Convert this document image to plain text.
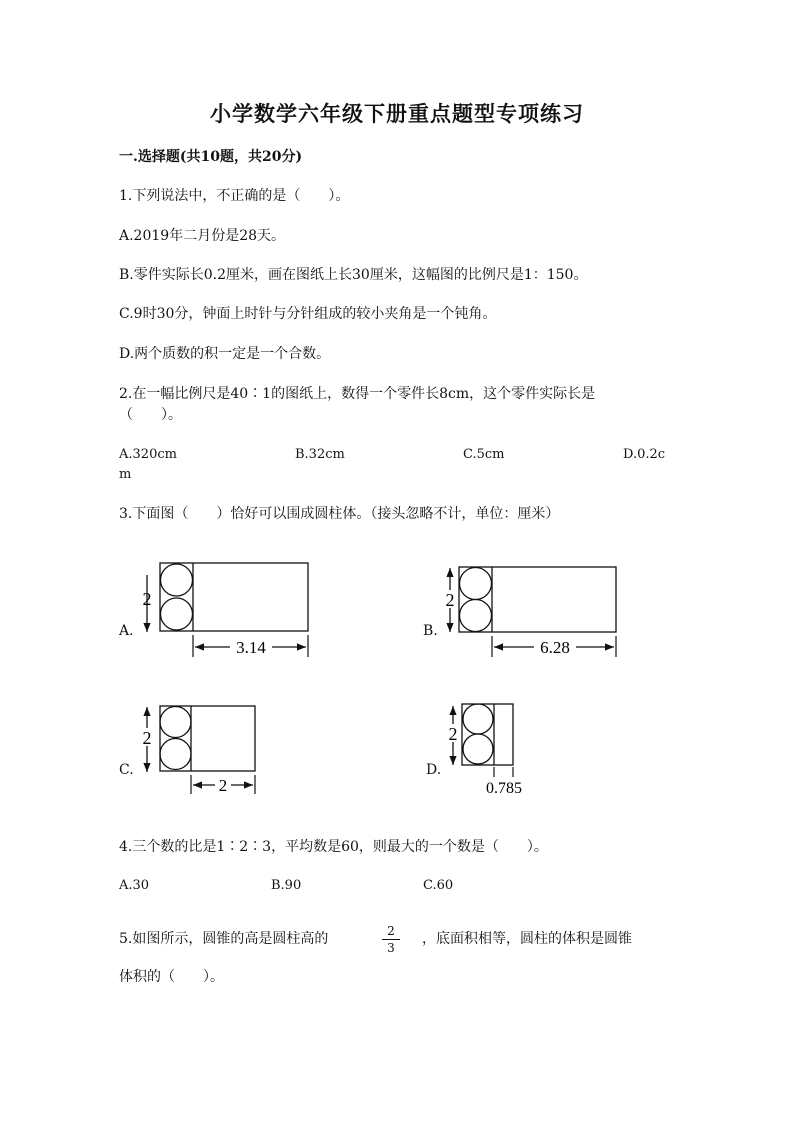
小学数学六年级下册重点题型专项练习
一.选择题(共10题，共20分)
1.下列说法中，不正确的是（　　）。
A.2019年二月份是28天。
B.零件实际长0.2厘米，画在图纸上长30厘米，这幅图的比例尺是1：150。
C.9时30分，钟面上时针与分针组成的较小夹角是一个钝角。
D.两个质数的积一定是一个合数。
2.在一幅比例尺是40∶1的图纸上，数得一个零件长8cm，这个零件实际长是
（　　）。
A.320cm	B.32cm	C.5cm	D.0.2c
m
3.下面图（　　）恰好可以围成圆柱体。（接头忽略不计，单位：厘米）
A.
2
3.14
B.
2
6.28
C.
2
2
D.
2
0.785
4.三个数的比是1∶2∶3，平均数是60，则最大的一个数是（　　）。
A.30	B.90	C.60
5.如图所示，圆锥的高是圆柱高的	2
3
，底面积相等，圆柱的体积是圆锥
体积的（　　）。
